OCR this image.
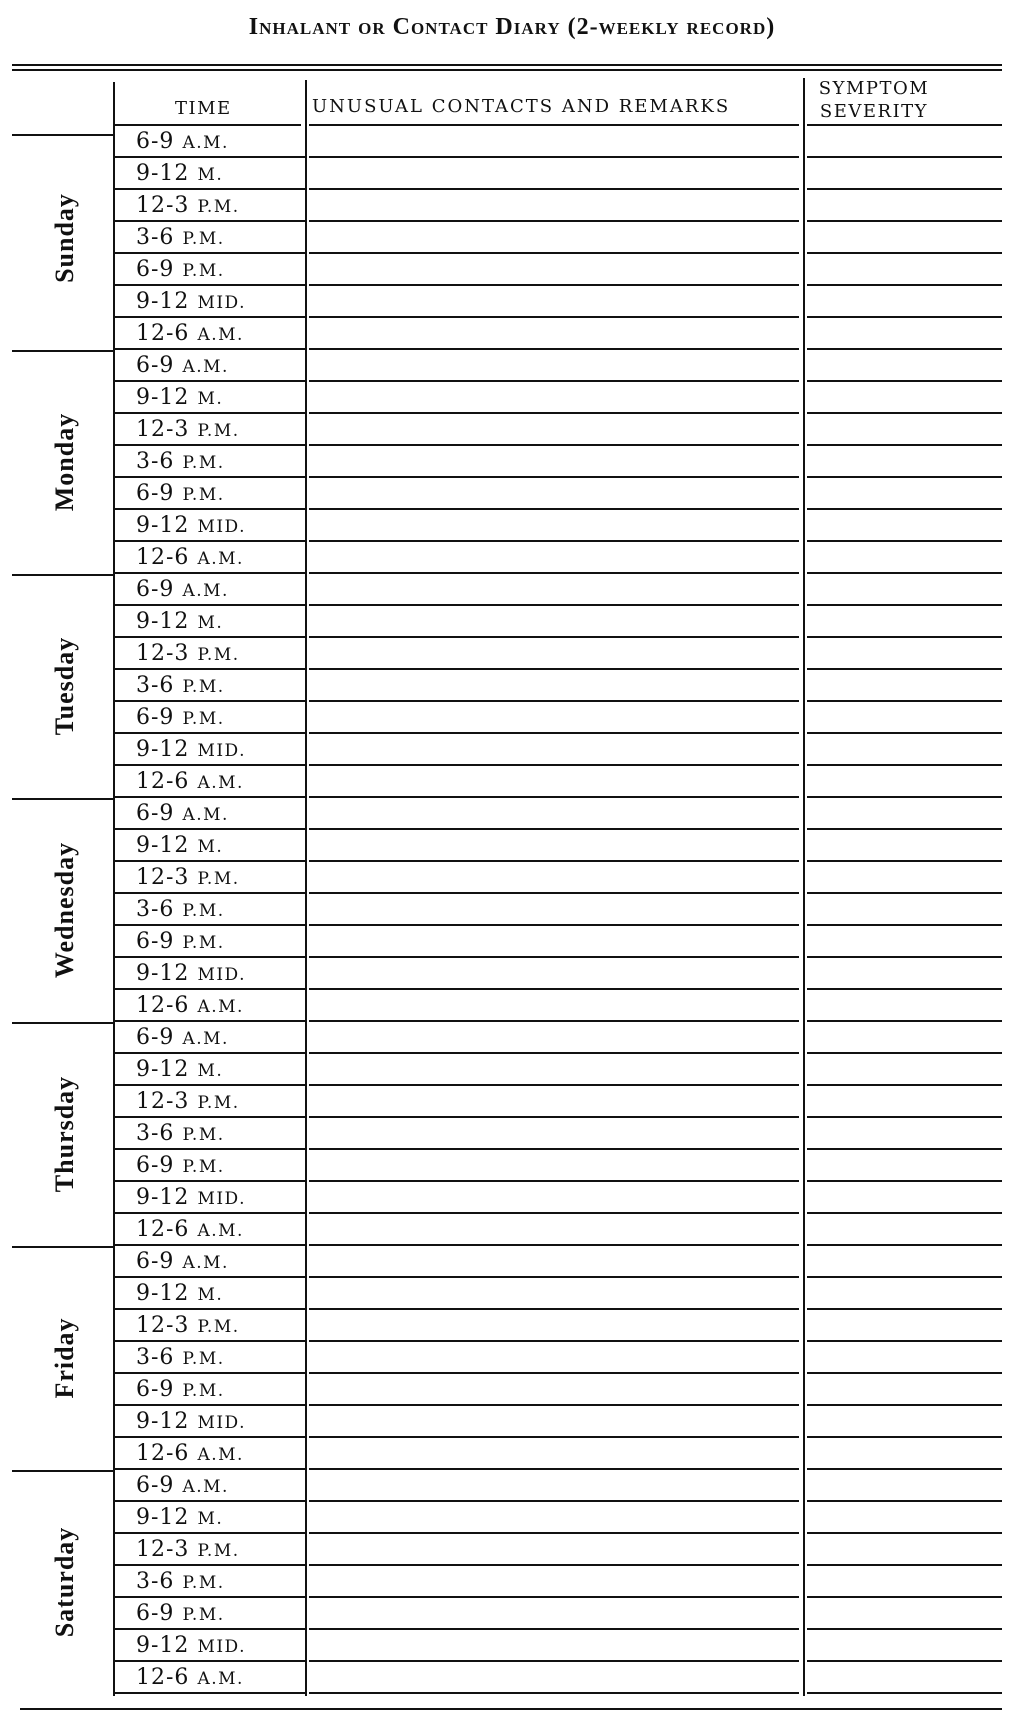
Inhalant or Contact Diary (2-weekly record)
TIME	UNUSUAL CONTACTS AND REMARKS
SYMPTOM
SEVERITY
Sunday
6-9 A.M.
9-12 M.
12-3 P.M.
3-6 P.M.
6-9 P.M.
9-12 MID.
12-6 A.M.
Monday
6-9 A.M.
9-12 M.
12-3 P.M.
3-6 P.M.
6-9 P.M.
9-12 MID.
12-6 A.M.
Tuesday
6-9 A.M.
9-12 M.
12-3 P.M.
3-6 P.M.
6-9 P.M.
9-12 MID.
12-6 A.M.
Wednesday
6-9 A.M.
9-12 M.
12-3 P.M.
3-6 P.M.
6-9 P.M.
9-12 MID.
12-6 A.M.
Thursday
6-9 A.M.
9-12 M.
12-3 P.M.
3-6 P.M.
6-9 P.M.
9-12 MID.
12-6 A.M.
Friday
6-9 A.M.
9-12 M.
12-3 P.M.
3-6 P.M.
6-9 P.M.
9-12 MID.
12-6 A.M.
Saturday
6-9 A.M.
9-12 M.
12-3 P.M.
3-6 P.M.
6-9 P.M.
9-12 MID.
12-6 A.M.
